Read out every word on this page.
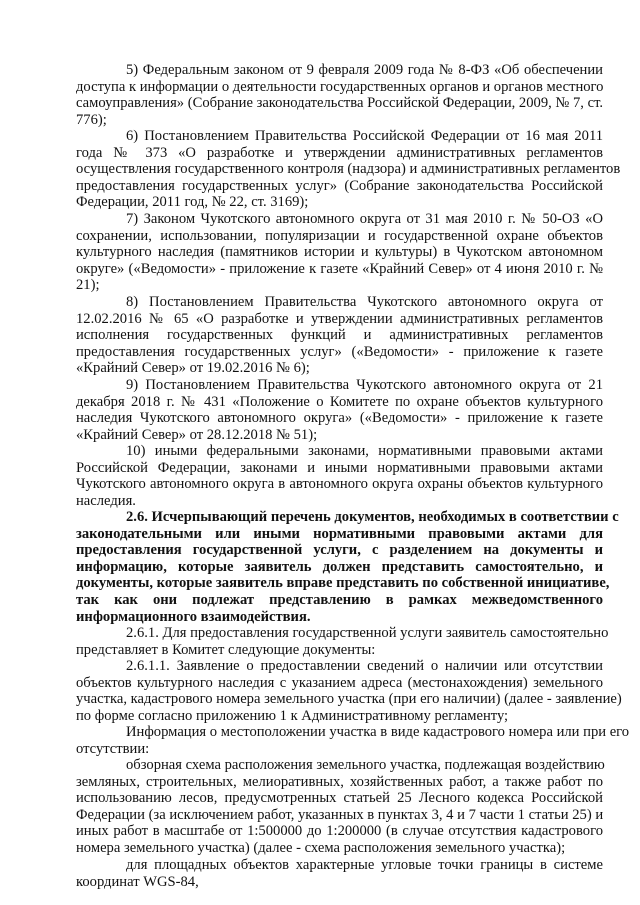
5) Федеральным законом от 9 февраля 2009 года № 8-ФЗ «Об обеспечении
доступа к информации о деятельности государственных органов и органов местного
самоуправления» (Собрание законодательства Российской Федерации, 2009, № 7, ст.
776);
6) Постановлением Правительства Российской Федерации от 16 мая 2011
года № 373 «О разработке и утверждении административных регламентов
осуществления государственного контроля (надзора) и административных регламентов
предоставления государственных услуг» (Собрание законодательства Российской
Федерации, 2011 год, № 22, ст. 3169);
7) Законом Чукотского автономного округа от 31 мая 2010 г. № 50-ОЗ «О
сохранении, использовании, популяризации и государственной охране объектов
культурного наследия (памятников истории и культуры) в Чукотском автономном
округе» («Ведомости» - приложение к газете «Крайний Север» от 4 июня 2010 г. №
21);
8) Постановлением Правительства Чукотского автономного округа от
12.02.2016 № 65 «О разработке и утверждении административных регламентов
исполнения государственных функций и административных регламентов
предоставления государственных услуг» («Ведомости» - приложение к газете
«Крайний Север» от 19.02.2016 № 6);
9) Постановлением Правительства Чукотского автономного округа от 21
декабря 2018 г. № 431 «Положение о Комитете по охране объектов культурного
наследия Чукотского автономного округа» («Ведомости» - приложение к газете
«Крайний Север» от 28.12.2018 № 51);
10) иными федеральными законами, нормативными правовыми актами
Российской Федерации, законами и иными нормативными правовыми актами
Чукотского автономного округа в автономного округа охраны объектов культурного
наследия.
2.6. Исчерпывающий перечень документов, необходимых в соответствии с
законодательными или иными нормативными правовыми актами для
предоставления государственной услуги, с разделением на документы и
информацию, которые заявитель должен представить самостоятельно, и
документы, которые заявитель вправе представить по собственной инициативе,
так как они подлежат представлению в рамках межведомственного
информационного взаимодействия.
2.6.1. Для предоставления государственной услуги заявитель самостоятельно
представляет в Комитет следующие документы:
2.6.1.1. Заявление о предоставлении сведений о наличии или отсутствии
объектов культурного наследия с указанием адреса (местонахождения) земельного
участка, кадастрового номера земельного участка (при его наличии) (далее - заявление)
по форме согласно приложению 1 к Административному регламенту;
Информация о местоположении участка в виде кадастрового номера или при его
отсутствии:
обзорная схема расположения земельного участка, подлежащая воздействию
земляных, строительных, мелиоративных, хозяйственных работ, а также работ по
использованию лесов, предусмотренных статьей 25 Лесного кодекса Российской
Федерации (за исключением работ, указанных в пунктах 3, 4 и 7 части 1 статьи 25) и
иных работ в масштабе от 1:500000 до 1:200000 (в случае отсутствия кадастрового
номера земельного участка) (далее - схема расположения земельного участка);
для площадных объектов характерные угловые точки границы в системе
координат WGS-84,
